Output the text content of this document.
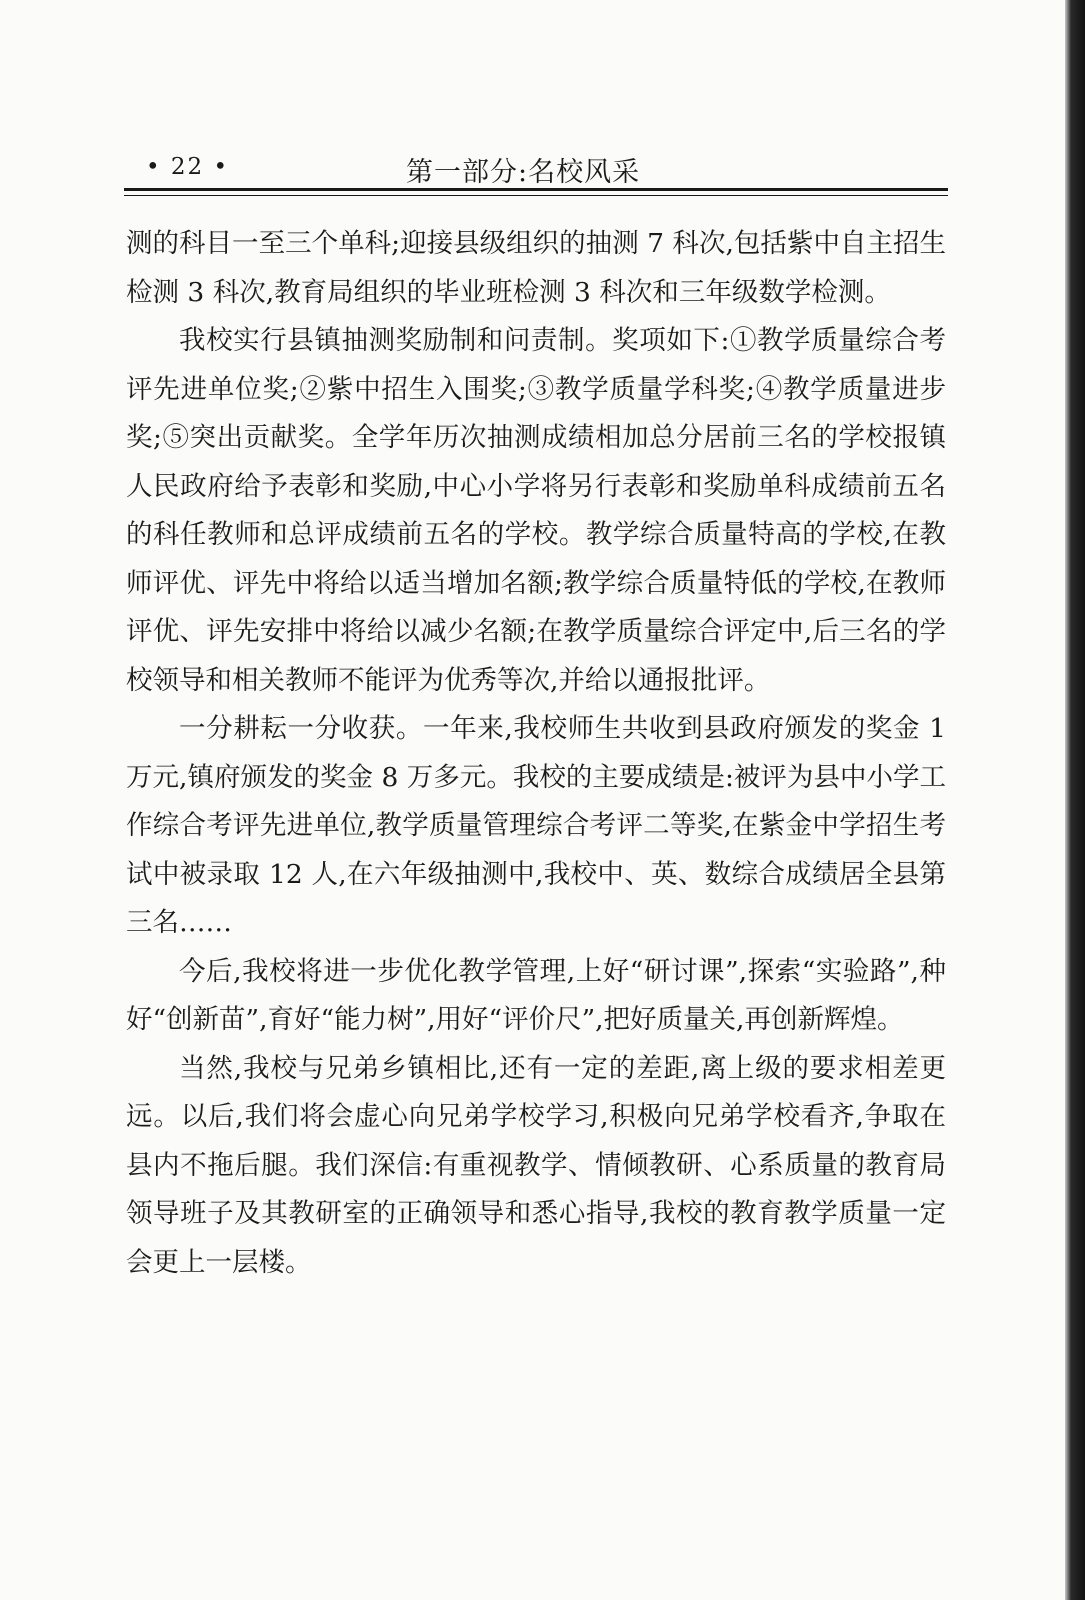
• 22 •	第一部分:名校风采

测的科目一至三个单科;迎接县级组织的抽测 7 科次,包括紫中自主招生检测 3 科次,教育局组织的毕业班检测 3 科次和三年级数学检测。

我校实行县镇抽测奖励制和问责制。奖项如下:①教学质量综合考评先进单位奖;②紫中招生入围奖;③教学质量学科奖;④教学质量进步奖;⑤突出贡献奖。全学年历次抽测成绩相加总分居前三名的学校报镇人民政府给予表彰和奖励,中心小学将另行表彰和奖励单科成绩前五名的科任教师和总评成绩前五名的学校。教学综合质量特高的学校,在教师评优、评先中将给以适当增加名额;教学综合质量特低的学校,在教师评优、评先安排中将给以减少名额;在教学质量综合评定中,后三名的学校领导和相关教师不能评为优秀等次,并给以通报批评。

一分耕耘一分收获。一年来,我校师生共收到县政府颁发的奖金 1 万元,镇府颁发的奖金 8 万多元。我校的主要成绩是:被评为县中小学工作综合考评先进单位,教学质量管理综合考评二等奖,在紫金中学招生考试中被录取 12 人,在六年级抽测中,我校中、英、数综合成绩居全县第三名……

今后,我校将进一步优化教学管理,上好“研讨课”,探索“实验路”,种好“创新苗”,育好“能力树”,用好“评价尺”,把好质量关,再创新辉煌。

当然,我校与兄弟乡镇相比,还有一定的差距,离上级的要求相差更远。以后,我们将会虚心向兄弟学校学习,积极向兄弟学校看齐,争取在县内不拖后腿。我们深信:有重视教学、情倾教研、心系质量的教育局领导班子及其教研室的正确领导和悉心指导,我校的教育教学质量一定会更上一层楼。
